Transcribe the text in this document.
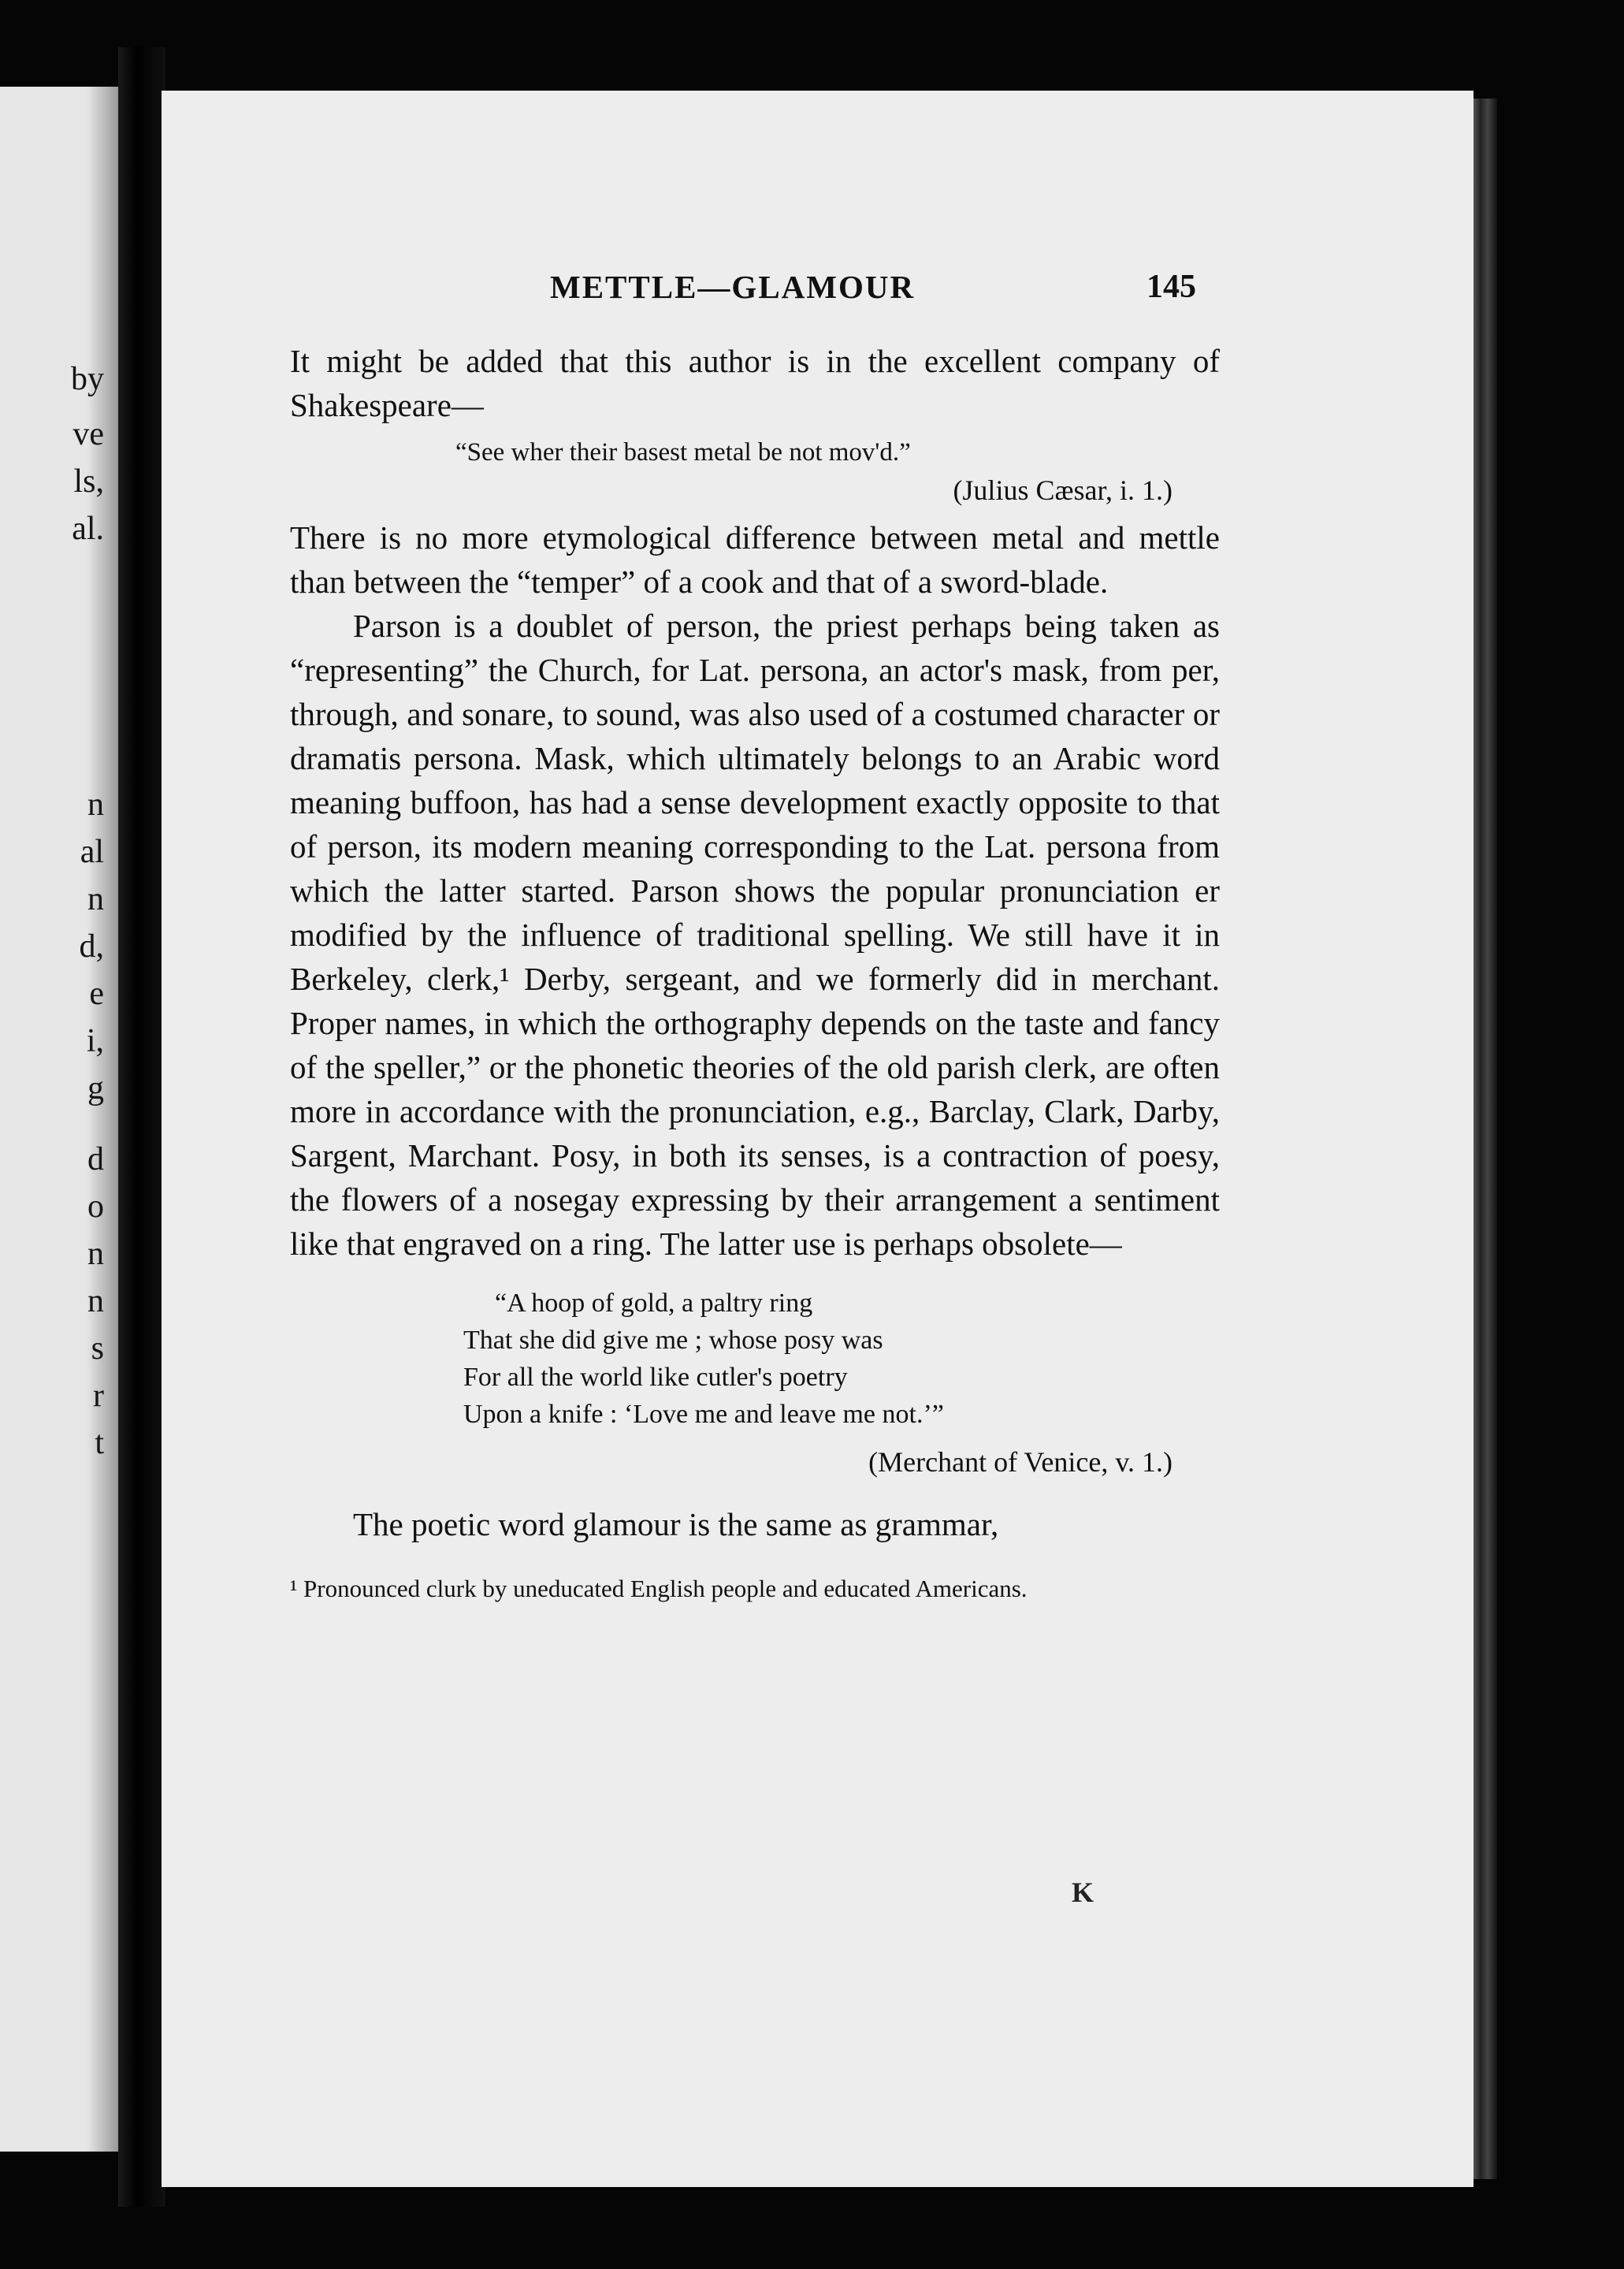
by
ve
ls,
al.
n
al
n
d,
e
i,
g
d
o
n
n
s
r
t
METTLE—GLAMOUR	145

It might be added that this author is in the excellent company of Shakespeare—

“See wher their basest metal be not mov'd.”
(Julius Cæsar, i. 1.)

There is no more etymological difference between metal and mettle than between the “temper” of a cook and that of a sword-blade.

Parson is a doublet of person, the priest perhaps being taken as “representing” the Church, for Lat. persona, an actor's mask, from per, through, and sonare, to sound, was also used of a costumed character or dramatis persona. Mask, which ultimately belongs to an Arabic word meaning buffoon, has had a sense development exactly opposite to that of person, its modern meaning corresponding to the Lat. persona from which the latter started. Parson shows the popular pronunciation er modified by the influence of traditional spelling. We still have it in Berkeley, clerk,¹ Derby, sergeant, and we formerly did in merchant. Proper names, in which the orthography depends on the taste and fancy of the speller,” or the phonetic theories of the old parish clerk, are often more in accordance with the pronunciation, e.g., Barclay, Clark, Darby, Sargent, Marchant. Posy, in both its senses, is a contraction of poesy, the flowers of a nosegay expressing by their arrangement a sentiment like that engraved on a ring. The latter use is perhaps obsolete—

“A hoop of gold, a paltry ring
That she did give me ; whose posy was
For all the world like cutler's poetry
Upon a knife : ‘Love me and leave me not.’”
(Merchant of Venice, v. 1.)

The poetic word glamour is the same as grammar,

¹ Pronounced clurk by uneducated English people and educated Americans.
K
